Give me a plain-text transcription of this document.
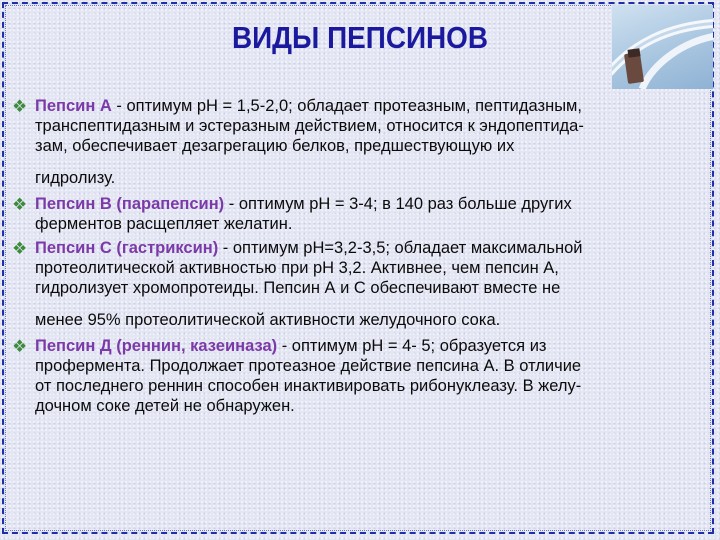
ВИДЫ ПЕПСИНОВ
❖ Пепсин А - оптимум рН = 1,5-2,0; обладает протеазным, пептидазным,
транспептидазным и эстеразным действием, относится к эндопептида-
зам, обеспечивает дезагрегацию белков, предшествующую их
гидролизу.
❖ Пепсин В (парапепсин) - оптимум рН = 3-4; в 140 раз больше других
ферментов расщепляет желатин.
❖ Пепсин С (гастриксин) - оптимум рН=3,2-3,5; обладает максимальной
протеолитической активностью при рН 3,2. Активнее, чем пепсин А,
гидролизует хромопротеиды. Пепсин А и С обеспечивают вместе не
менее 95% протеолитической активности желудочного сока.
❖ Пепсин Д (реннин, казеиназа) - оптимум рН = 4- 5; образуется из
профермента. Продолжает протеазное действие пепсина А. В отличие
от последнего реннин способен инактивировать рибонуклеазу. В желу-
дочном соке детей не обнаружен.
